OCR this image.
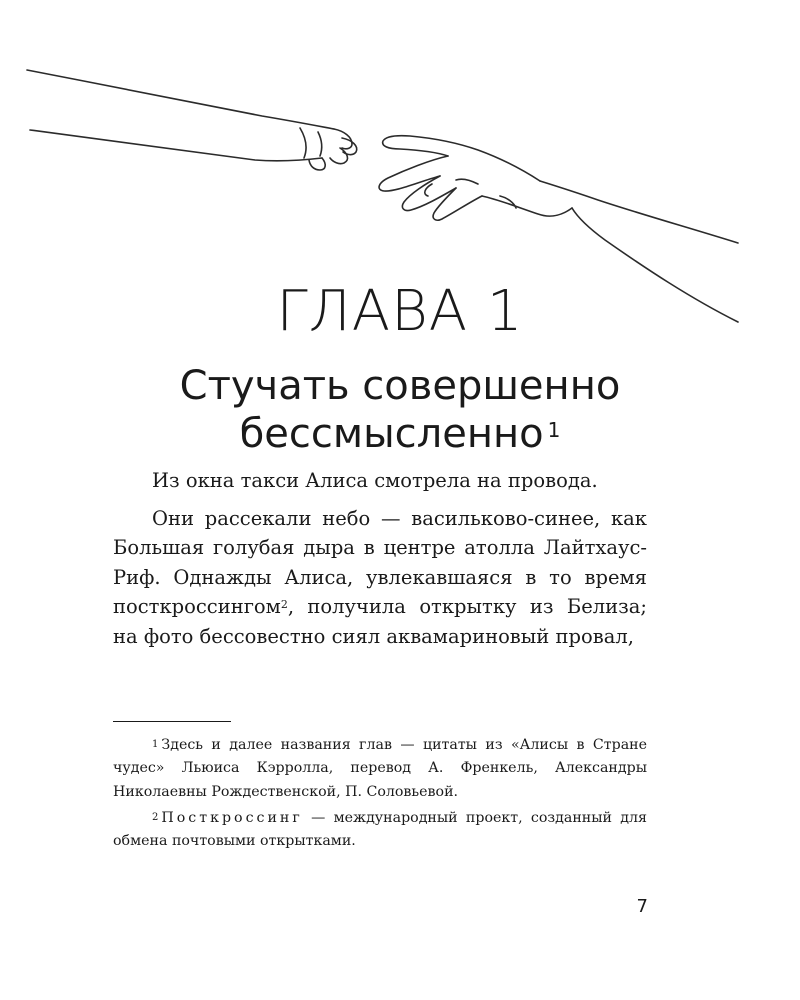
ГЛАВА 1
Стучать совершенно
бессмысленно $^1$

Из окна такси Алиса смотрела на провода.

Они рассекали небо — васильково-синее, как Большая голубая дыра в центре атолла Лайтхаус-Риф. Однажды Алиса, увлекавшаяся в то время посткроссингом$^2$, получила открытку из Белиза; на фото бессовестно сиял аквамариновый провал,

$^1$ Здесь и далее названия глав — цитаты из «Алисы в Стране чудес» Льюиса Кэрролла, перевод А. Френкель, Александры Николаевны Рождественской, П. Соловьевой.

$^2$ Посткроссинг — международный проект, созданный для обмена почтовыми открытками.

7
